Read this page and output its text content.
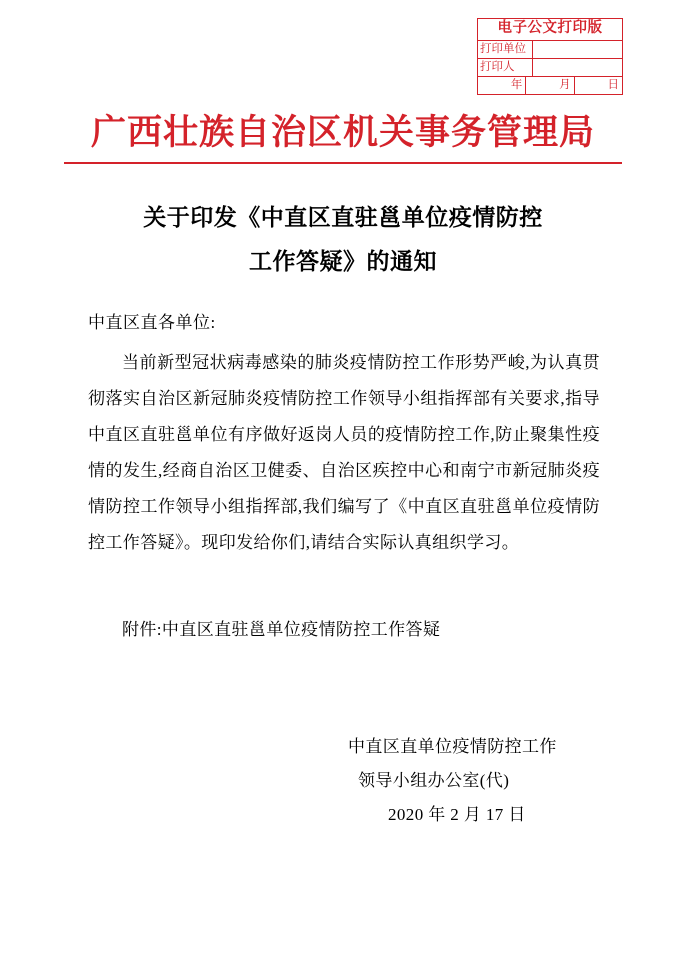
电子公文打印版
打印单位
打印人
年	月	日
广西壮族自治区机关事务管理局
关于印发《中直区直驻邕单位疫情防控
工作答疑》的通知
中直区直各单位:
当前新型冠状病毒感染的肺炎疫情防控工作形势严峻,为认真贯彻落实自治区新冠肺炎疫情防控工作领导小组指挥部有关要求,指导中直区直驻邕单位有序做好返岗人员的疫情防控工作,防止聚集性疫情的发生,经商自治区卫健委、自治区疾控中心和南宁市新冠肺炎疫情防控工作领导小组指挥部,我们编写了《中直区直驻邕单位疫情防控工作答疑》。现印发给你们,请结合实际认真组织学习。
附件:中直区直驻邕单位疫情防控工作答疑
中直区直单位疫情防控工作
领导小组办公室(代)
2020 年 2 月 17 日
